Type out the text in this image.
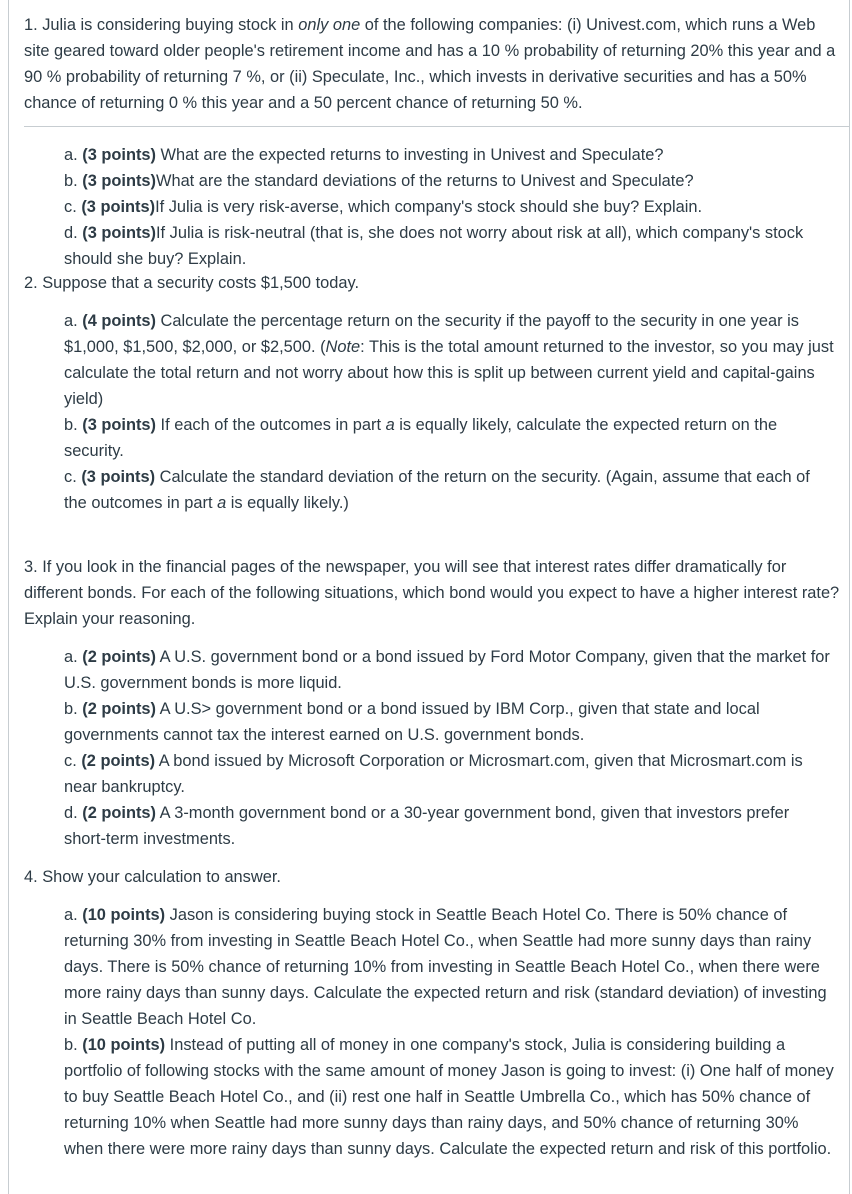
1. Julia is considering buying stock in only one of the following companies: (i) Univest.com, which runs a Web site geared toward older people's retirement income and has a 10 % probability of returning 20% this year and a 90 % probability of returning 7 %, or (ii) Speculate, Inc., which invests in derivative securities and has a 50% chance of returning 0 % this year and a 50 percent chance of returning 50 %.

a. (3 points) What are the expected returns to investing in Univest and Speculate?

b. (3 points)What are the standard deviations of the returns to Univest and Speculate?

c. (3 points)If Julia is very risk-averse, which company's stock should she buy? Explain.

d. (3 points)If Julia is risk-neutral (that is, she does not worry about risk at all), which company's stock should she buy? Explain.

2. Suppose that a security costs $1,500 today.

a. (4 points) Calculate the percentage return on the security if the payoff to the security in one year is $1,000, $1,500, $2,000, or $2,500. (Note: This is the total amount returned to the investor, so you may just calculate the total return and not worry about how this is split up between current yield and capital-gains yield)

b. (3 points) If each of the outcomes in part a is equally likely, calculate the expected return on the security.

c. (3 points) Calculate the standard deviation of the return on the security. (Again, assume that each of the outcomes in part a is equally likely.)

3. If you look in the financial pages of the newspaper, you will see that interest rates differ dramatically for different bonds. For each of the following situations, which bond would you expect to have a higher interest rate? Explain your reasoning.

a. (2 points) A U.S. government bond or a bond issued by Ford Motor Company, given that the market for U.S. government bonds is more liquid.

b. (2 points) A U.S> government bond or a bond issued by IBM Corp., given that state and local governments cannot tax the interest earned on U.S. government bonds.

c. (2 points) A bond issued by Microsoft Corporation or Microsmart.com, given that Microsmart.com is near bankruptcy.

d. (2 points) A 3-month government bond or a 30-year government bond, given that investors prefer short-term investments.

4. Show your calculation to answer.

a. (10 points) Jason is considering buying stock in Seattle Beach Hotel Co. There is 50% chance of returning 30% from investing in Seattle Beach Hotel Co., when Seattle had more sunny days than rainy days. There is 50% chance of returning 10% from investing in Seattle Beach Hotel Co., when there were more rainy days than sunny days. Calculate the expected return and risk (standard deviation) of investing in Seattle Beach Hotel Co.

b. (10 points) Instead of putting all of money in one company's stock, Julia is considering building a portfolio of following stocks with the same amount of money Jason is going to invest: (i) One half of money to buy Seattle Beach Hotel Co., and (ii) rest one half in Seattle Umbrella Co., which has 50% chance of returning 10% when Seattle had more sunny days than rainy days, and 50% chance of returning 30% when there were more rainy days than sunny days. Calculate the expected return and risk of this portfolio.
